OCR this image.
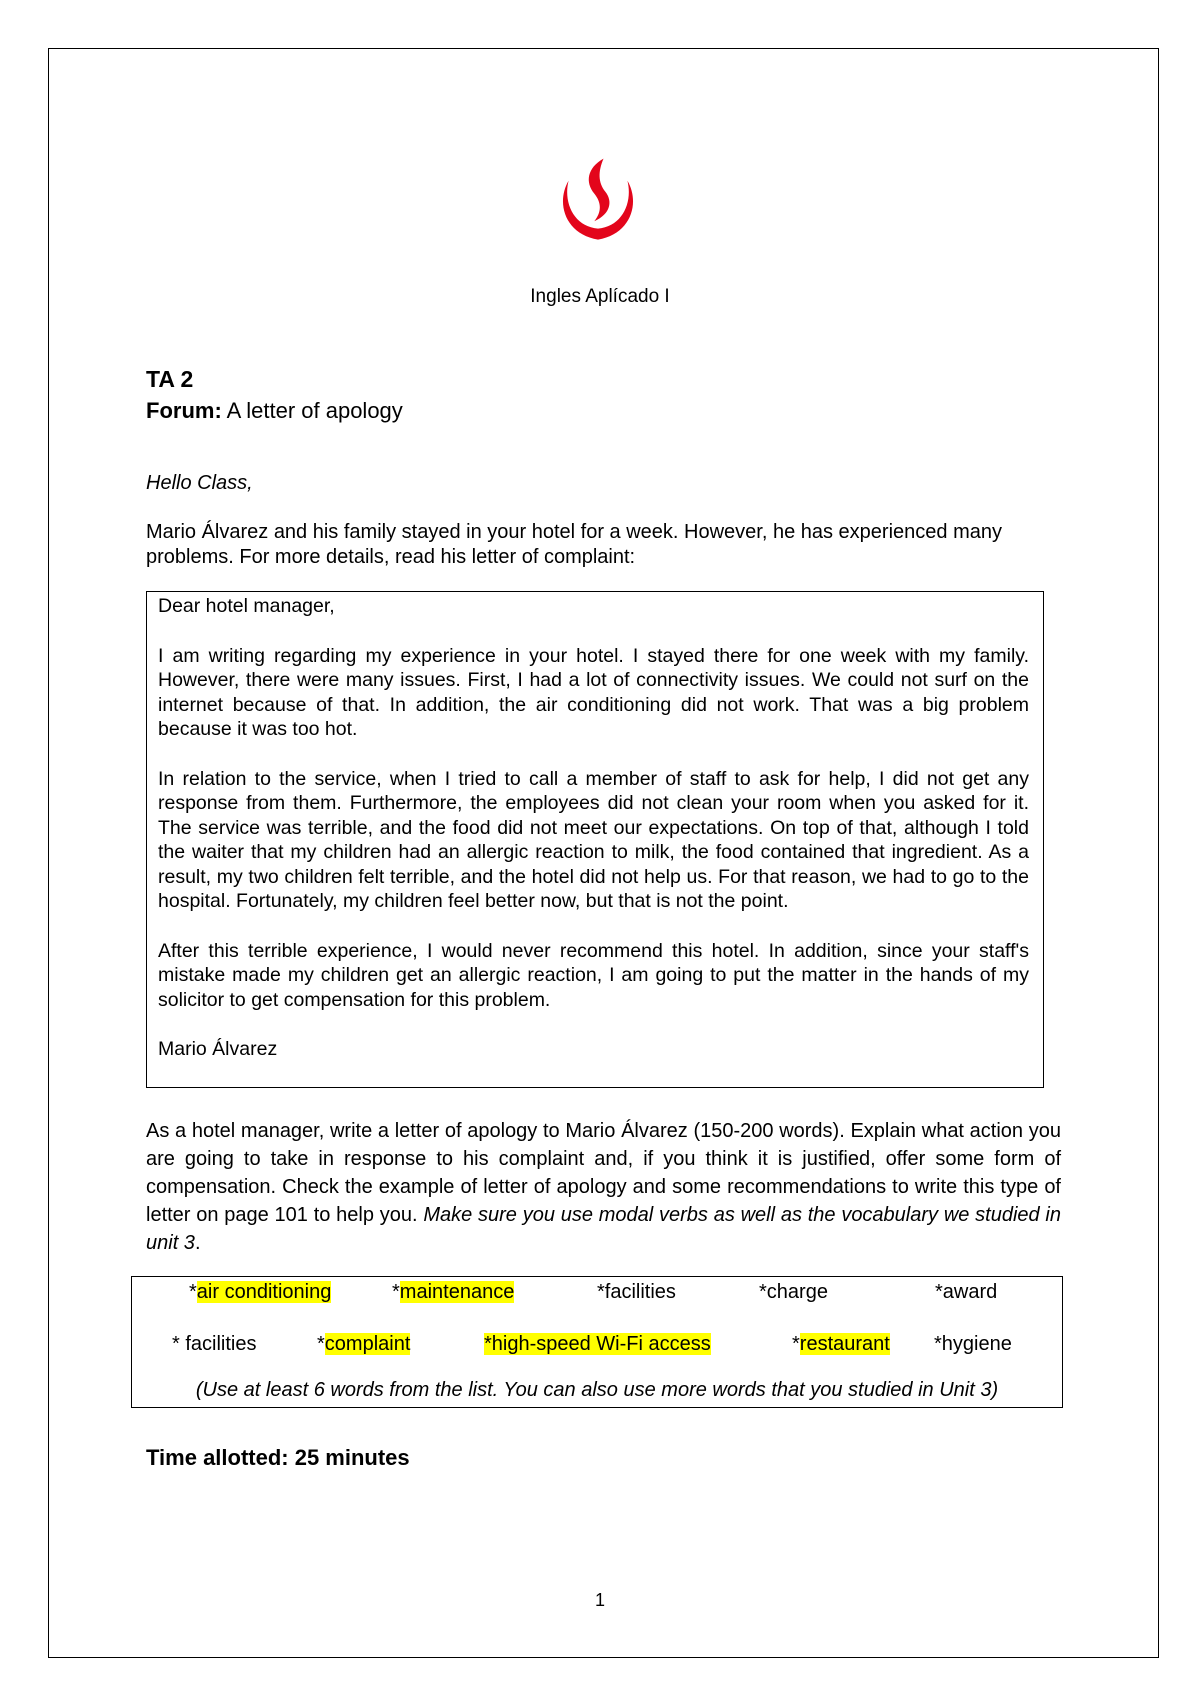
Ingles Aplícado I
TA 2
Forum: A letter of apology
Hello Class,
Mario Álvarez and his family stayed in your hotel for a week. However, he has experienced many problems. For more details, read his letter of complaint:

Dear hotel manager,

I am writing regarding my experience in your hotel. I stayed there for one week with my family. However, there were many issues. First, I had a lot of connectivity issues. We could not surf on the internet because of that. In addition, the air conditioning did not work. That was a big problem because it was too hot.

In relation to the service, when I tried to call a member of staff to ask for help, I did not get any response from them. Furthermore, the employees did not clean your room when you asked for it. The service was terrible, and the food did not meet our expectations. On top of that, although I told the waiter that my children had an allergic reaction to milk, the food contained that ingredient. As a result, my two children felt terrible, and the hotel did not help us. For that reason, we had to go to the hospital. Fortunately, my children feel better now, but that is not the point.

After this terrible experience, I would never recommend this hotel. In addition, since your staff's mistake made my children get an allergic reaction, I am going to put the matter in the hands of my solicitor to get compensation for this problem.

Mario Álvarez

As a hotel manager, write a letter of apology to Mario Álvarez (150-200 words). Explain what action you are going to take in response to his complaint and, if you think it is justified, offer some form of compensation. Check the example of letter of apology and some recommendations to write this type of letter on page 101 to help you. Make sure you use modal verbs as well as the vocabulary we studied in unit 3.
*air conditioning	*maintenance	*facilities	*charge	*award
* facilities	*complaint	*high-speed Wi-Fi access	*restaurant *hygiene
(Use at least 6 words from the list. You can also use more words that you studied in Unit 3)
Time allotted: 25 minutes
1
